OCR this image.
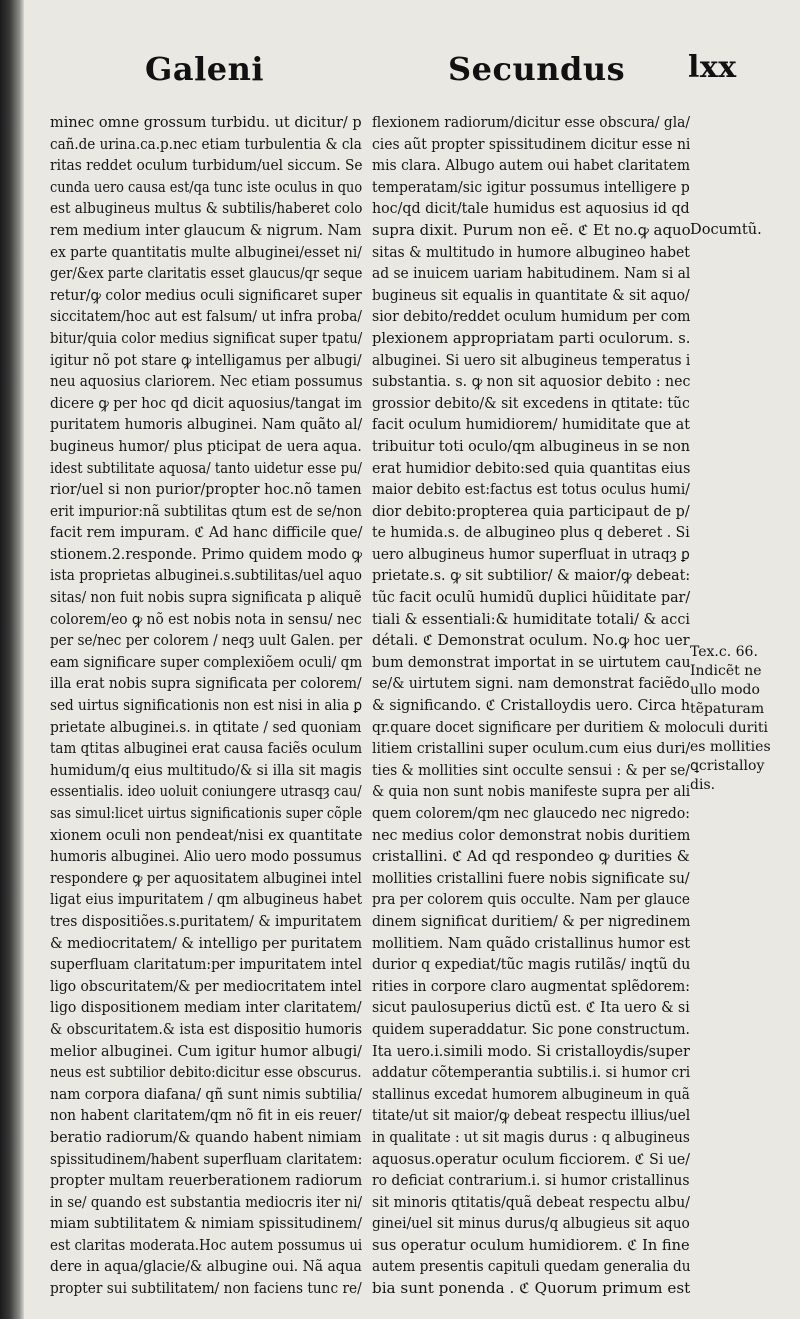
Galeni	Secundus lxx
minec omne grossum turbidu. ut dicitur/ p
cañ.de urina.ca.p.nec etiam turbulentia & cla
ritas reddet oculum turbidum/uel siccum. Se
cunda uero causa est/qa tunc iste oculus in quo
est albugineus multus & subtilis/haberet colo
rem medium inter glaucum & nigrum. Nam
ex parte quantitatis multe albuginei/esset ni/
ger/&ex parte claritatis esset glaucus/qr seque
retur/ꝙ color medius oculi significaret super
siccitatem/hoc aut est falsum/ ut infra proba/
bitur/quia color medius significat super tpatu/
igitur nõ pot stare ꝙ intelligamus per albugi/
neu aquosius clariorem. Nec etiam possumus
dicere ꝙ per hoc qd dicit aquosius/tangat im
puritatem humoris albuginei. Nam quãto al/
bugineus humor/ plus pticipat de uera aqua.
idest subtilitate aquosa/ tanto uidetur esse pu/
rior/uel si non purior/propter hoc.nõ tamen
erit impurior:nã subtilitas qtum est de se/non
facit rem impuram. ℭ Ad hanc difficile que/
stionem.2.responde. Primo quidem modo ꝙ
ista proprietas albuginei.s.subtilitas/uel aquo
sitas/ non fuit nobis supra significata p aliquẽ
colorem/eo ꝙ nõ est nobis nota in sensu/ nec
per se/nec per colorem / neqȝ uult Galen. per
eam significare super complexiõem oculi/ qm
illa erat nobis supra significata per colorem/
sed uirtus significationis non est nisi in alia ꝑ
prietate albuginei.s. in qtitate / sed quoniam
tam qtitas albuginei erat causa faciẽs oculum
humidum/q eius multitudo/& si illa sit magis
essentialis. ideo uoluit coniungere utrasqȝ cau/
sas simul:licet uirtus significationis super cõple
xionem oculi non pendeat/nisi ex quantitate
humoris albuginei. Alio uero modo possumus
respondere ꝙ per aquositatem albuginei intel
ligat eius impuritatem / qm albugineus habet
tres dispositiões.s.puritatem/ & impuritatem
& mediocritatem/ & intelligo per puritatem
superfluam claritatum:per impuritatem intel
ligo obscuritatem/& per mediocritatem intel
ligo dispositionem mediam inter claritatem/
& obscuritatem.& ista est dispositio humoris
melior albuginei. Cum igitur humor albugi/
neus est subtilior debito:dicitur esse obscurus.
nam corpora diafana/ qñ sunt nimis subtilia/
non habent claritatem/qm nõ fit in eis reuer/
beratio radiorum/& quando habent nimiam
spissitudinem/habent superfluam claritatem:
propter multam reuerberationem radiorum
in se/ quando est substantia mediocris iter ni/
miam subtilitatem & nimiam spissitudinem/
est claritas moderata.Hoc autem possumus ui
dere in aqua/glacie/& albugine oui. Nã aqua
propter sui subtilitatem/ non faciens tunc re/
flexionem radiorum/dicitur esse obscura/ gla/
cies aũt propter spissitudinem dicitur esse ni
mis clara. Albugo autem oui habet claritatem
temperatam/sic igitur possumus intelligere p
hoc/qd dicit/tale humidus est aquosius id qd
supra dixit. Purum non eẽ. ℭ Et no.ꝙ aquo
sitas & multitudo in humore albugineo habet
ad se inuicem uariam habitudinem. Nam si al
bugineus sit equalis in quantitate & sit aquo/
sior debito/reddet oculum humidum per com
plexionem appropriatam parti oculorum. s.
albuginei. Si uero sit albugineus temperatus i
substantia. s. ꝙ non sit aquosior debito : nec
grossior debito/& sit excedens in qtitate: tũc
facit oculum humidiorem/ humiditate que at
tribuitur toti oculo/qm albugineus in se non
erat humidior debito:sed quia quantitas eius
maior debito est:factus est totus oculus humi/
dior debito:propterea quia participaut de p/
te humida.s. de albugineo plus q deberet . Si
uero albugineus humor superfluat in utraqȝ ꝑ
prietate.s. ꝙ sit subtilior/ & maior/ꝙ debeat:
tũc facit oculũ humidũ duplici hũiditate par/
tiali & essentiali:& humiditate totali/ & acci
détali. ℭ Demonstrat oculum. No.ꝙ hoc uer
bum demonstrat importat in se uirtutem cau
se/& uirtutem signi. nam demonstrat faciẽdo
& significando. ℭ Cristalloydis uero. Circa h
qr.quare docet significare per duritiem & mol
litiem cristallini super oculum.cum eius duri/
ties & mollities sint occulte sensui : & per se/
& quia non sunt nobis manifeste supra per ali
quem colorem/qm nec glaucedo nec nigredo:
nec medius color demonstrat nobis duritiem
cristallini. ℭ Ad qd respondeo ꝙ durities &
mollities cristallini fuere nobis significate su/
pra per colorem quis occulte. Nam per glauce
dinem significat duritiem/ & per nigredinem
mollitiem. Nam quãdo cristallinus humor est
durior q expediat/tũc magis rutilãs/ inqtũ du
rities in corpore claro augmentat splẽdorem:
sicut paulosuperius dictũ est. ℭ Ita uero & si
quidem superaddatur. Sic pone constructum.
Ita uero.i.simili modo. Si cristalloydis/super
addatur cõtemperantia subtilis.i. si humor cri
stallinus excedat humorem albugineum in quã
titate/ut sit maior/ꝙ debeat respectu illius/uel
in qualitate : ut sit magis durus : q albugineus
aquosus.operatur oculum ficciorem. ℭ Si ue/
ro deficiat contrarium.i. si humor cristallinus
sit minoris qtitatis/quã debeat respectu albu/
ginei/uel sit minus durus/q albugieus sit aquo
sus operatur oculum humidiorem. ℭ In fine
autem presentis capituli quedam generalia du
bia sunt ponenda . ℭ Quorum primum est
Documtũ.
Tex.c. 66.
Indicẽt ne
ullo modo
tẽpaturam
oculi duriti
es mollities
ꝗcristalloy
dis.
